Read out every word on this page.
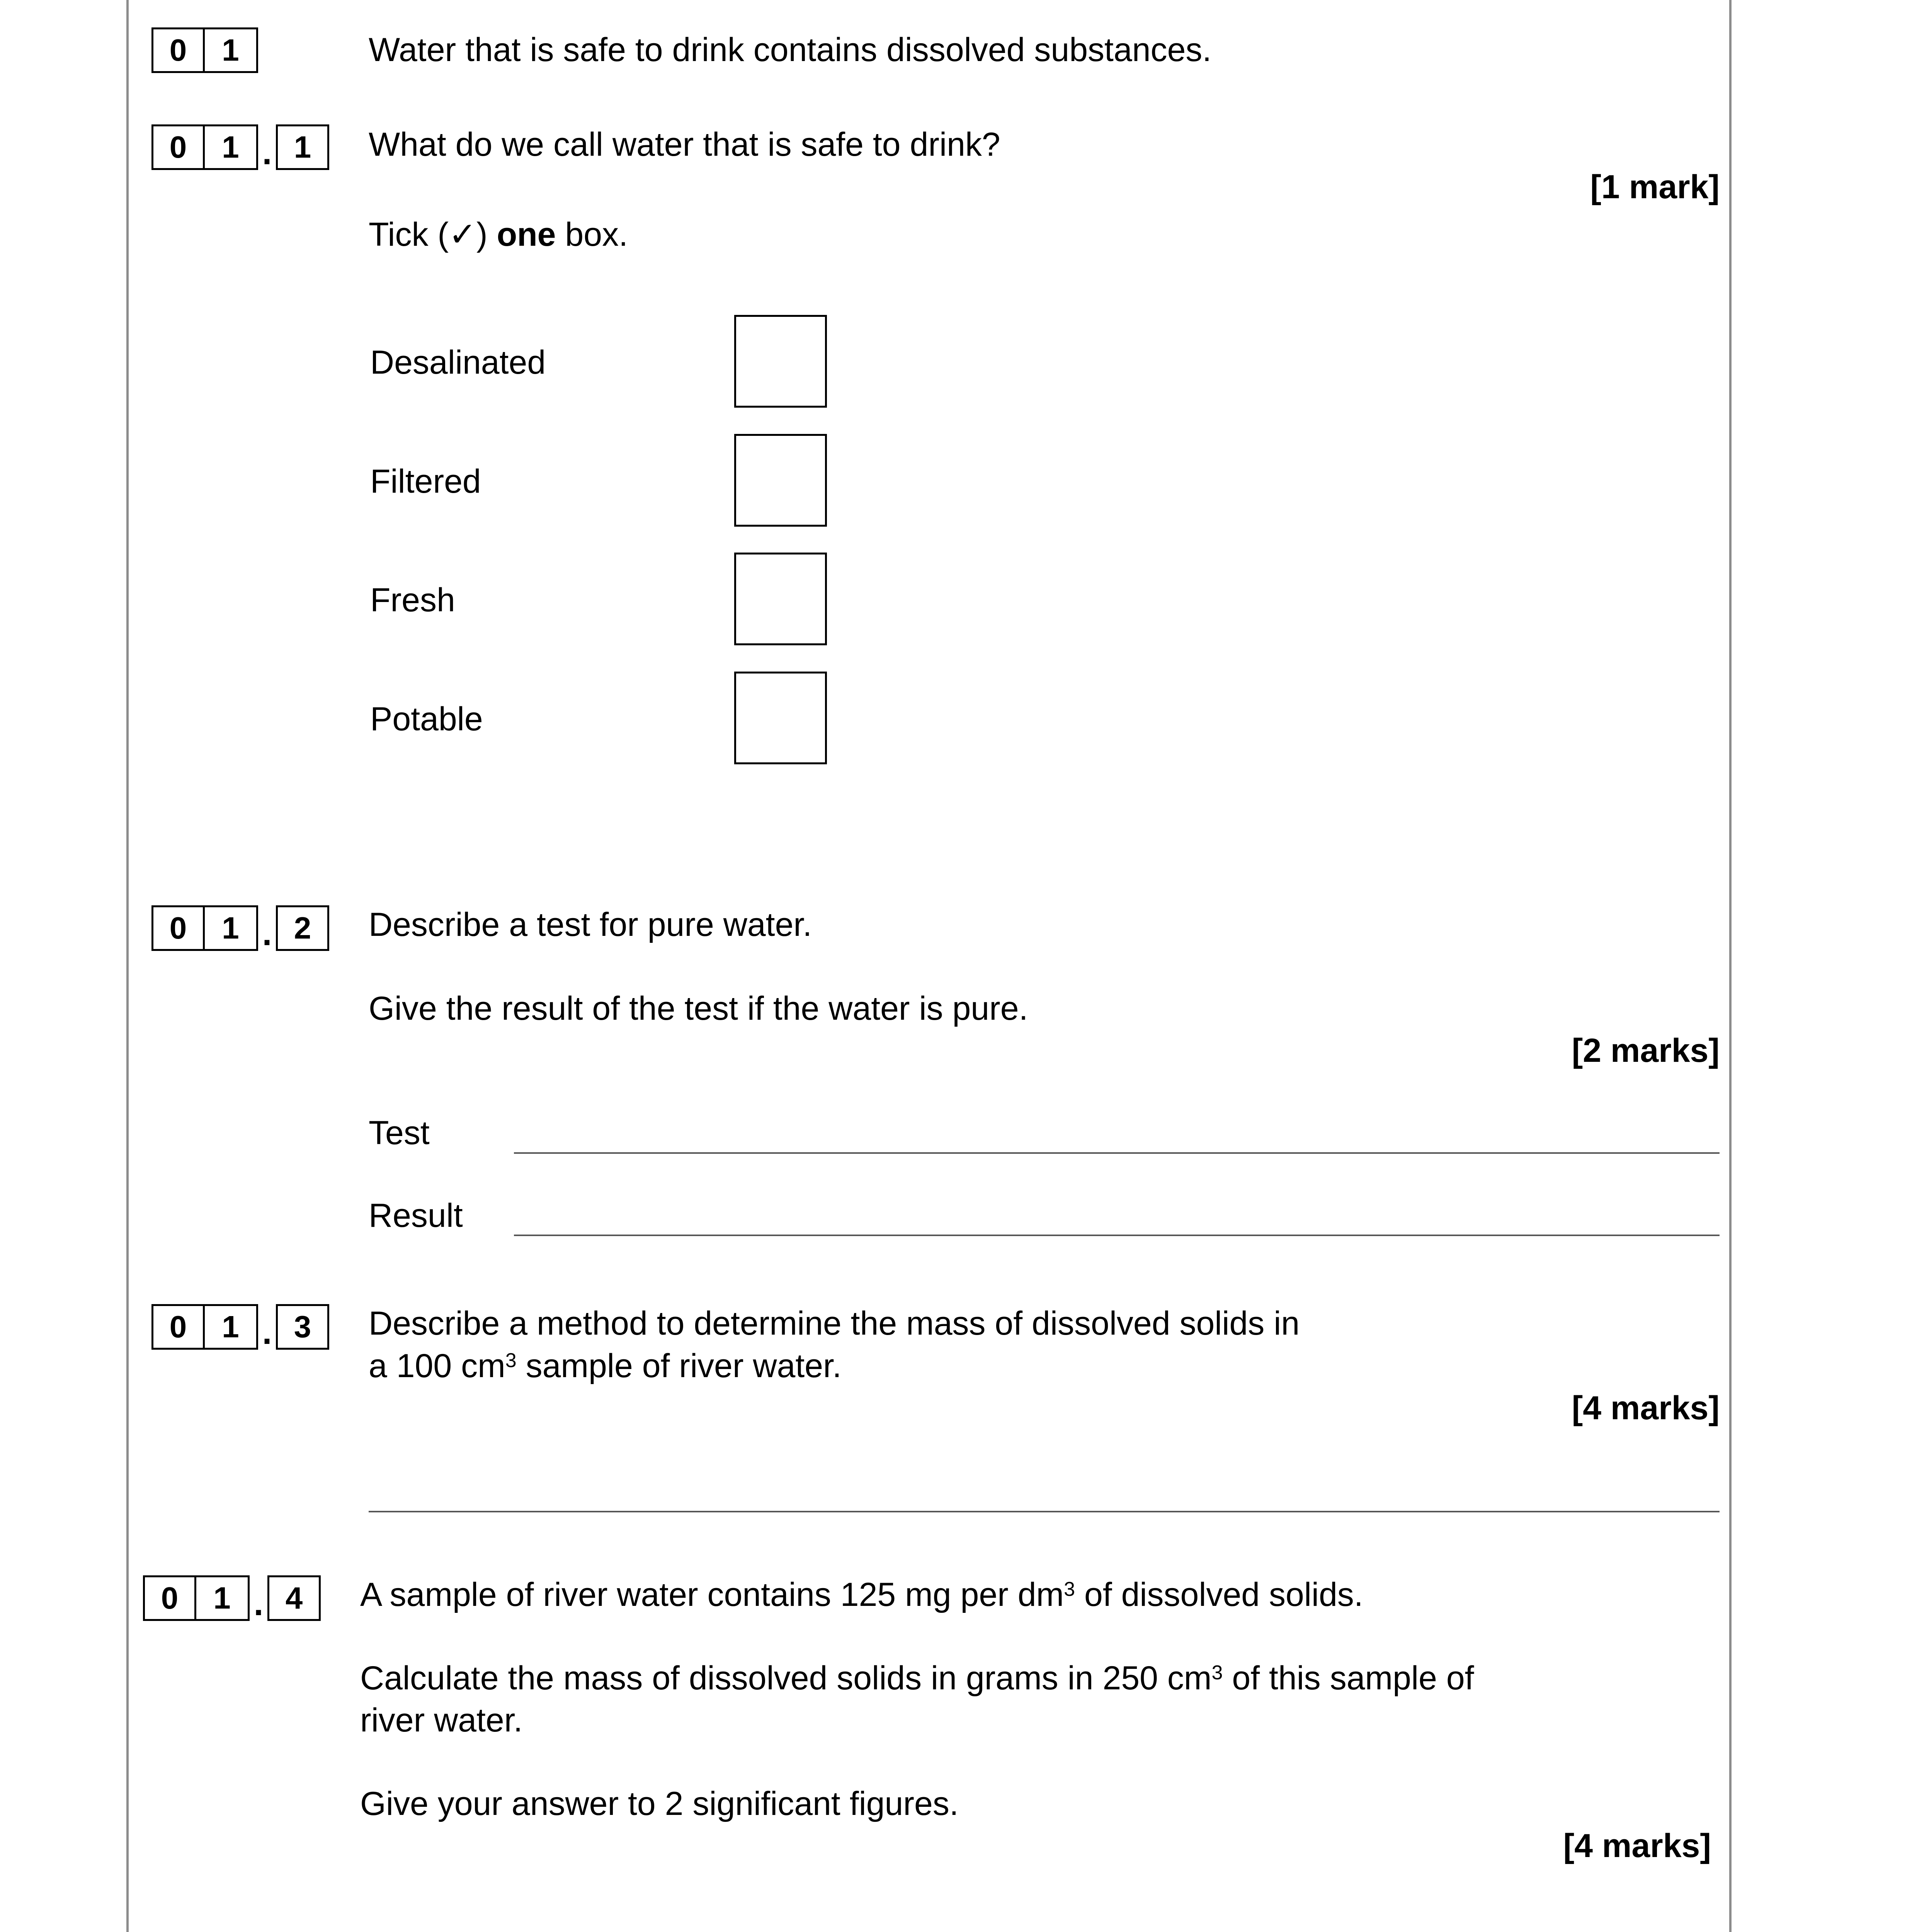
0	1	Water that is safe to drink contains dissolved substances.
0	1 . 1	What do we call water that is safe to drink?
[1 mark]
Tick (✓) one box.
Desalinated
Filtered
Fresh
Potable
0	1 . 2	Describe a test for pure water.
Give the result of the test if the water is pure.
[2 marks]
Test
Result
0	1 . 3	Describe a method to determine the mass of dissolved solids in
a 100 $cm^3$ sample of river water.
[4 marks]
0	1 . 4	A sample of river water contains 125 mg per $dm^3$ of dissolved solids.
Calculate the mass of dissolved solids in grams in 250 $cm^3$ of this sample of
river water.
Give your answer to 2 significant figures.
[4 marks]
